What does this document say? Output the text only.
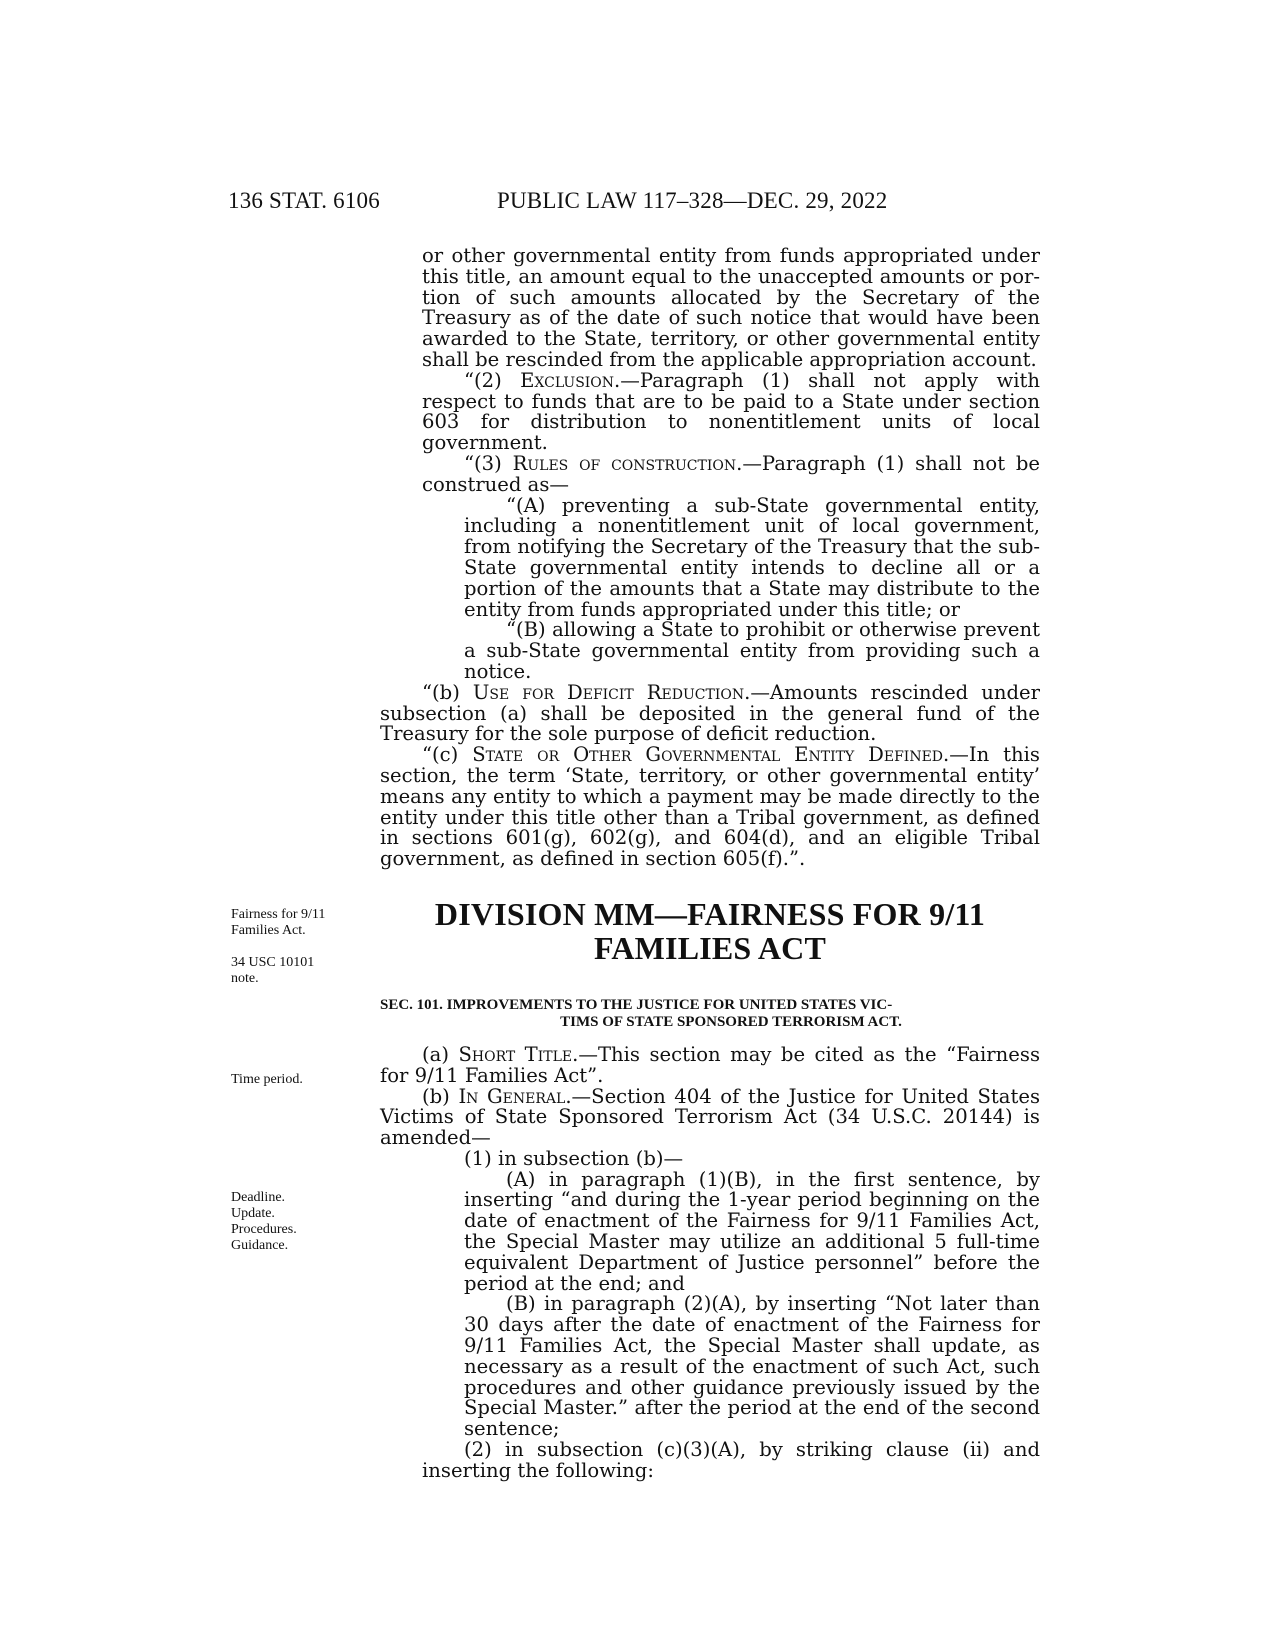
136 STAT. 6106	PUBLIC LAW 117–328—DEC. 29, 2022
Fairness for 9/11
Families Act.
34 USC 10101
note.
Time period.
Deadline.
Update.
Procedures.
Guidance.

or other governmental entity from funds appropriated under this title, an amount equal to the unaccepted amounts or portion of such amounts allocated by the Secretary of the Treasury as of the date of such notice that would have been awarded to the State, territory, or other governmental entity shall be rescinded from the applicable appropriation account.

“(2) Exclusion.—Paragraph (1) shall not apply with respect to funds that are to be paid to a State under section 603 for distribution to nonentitlement units of local government.

“(3) Rules of construction.—Paragraph (1) shall not be construed as—

“(A) preventing a sub-State governmental entity, including a nonentitlement unit of local government, from notifying the Secretary of the Treasury that the sub-State governmental entity intends to decline all or a portion of the amounts that a State may distribute to the entity from funds appropriated under this title; or

“(B) allowing a State to prohibit or otherwise prevent a sub-State governmental entity from providing such a notice.

“(b) Use for Deficit Reduction.—Amounts rescinded under subsection (a) shall be deposited in the general fund of the Treasury for the sole purpose of deficit reduction.

“(c) State or Other Governmental Entity Defined.—In this section, the term ‘State, territory, or other governmental entity’ means any entity to which a payment may be made directly to the entity under this title other than a Tribal government, as defined in sections 601(g), 602(g), and 604(d), and an eligible Tribal government, as defined in section 605(f).”.

DIVISION MM—FAIRNESS FOR 9/11
FAMILIES ACT
SEC. 101. IMPROVEMENTS TO THE JUSTICE FOR UNITED STATES VIC-
TIMS OF STATE SPONSORED TERRORISM ACT.

(a) Short Title.—This section may be cited as the “Fairness for 9/11 Families Act”.

(b) In General.—Section 404 of the Justice for United States Victims of State Sponsored Terrorism Act (34 U.S.C. 20144) is amended—

(1) in subsection (b)—

(A) in paragraph (1)(B), in the first sentence, by inserting “and during the 1-year period beginning on the date of enactment of the Fairness for 9/11 Families Act, the Special Master may utilize an additional 5 full-time equivalent Department of Justice personnel” before the period at the end; and

(B) in paragraph (2)(A), by inserting “Not later than 30 days after the date of enactment of the Fairness for 9/11 Families Act, the Special Master shall update, as necessary as a result of the enactment of such Act, such procedures and other guidance previously issued by the Special Master.” after the period at the end of the second sentence;

(2) in subsection (c)(3)(A), by striking clause (ii) and inserting the following:
